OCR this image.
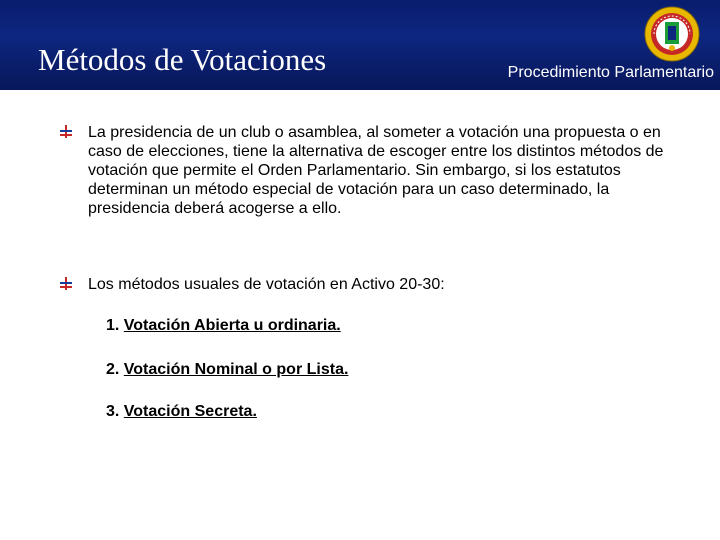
Métodos de Votaciones	Procedimiento Parlamentario
La presidencia de un club o asamblea, al someter a votación una propuesta o en caso de elecciones, tiene la alternativa de escoger entre los distintos métodos de votación que permite el Orden Parlamentario. Sin embargo, si los estatutos determinan un método especial de votación para un caso determinado, la presidencia deberá acogerse a ello.
Los métodos usuales de votación en Activo 20-30:
1. Votación Abierta u ordinaria.
2. Votación Nominal o por Lista.
3. Votación Secreta.
